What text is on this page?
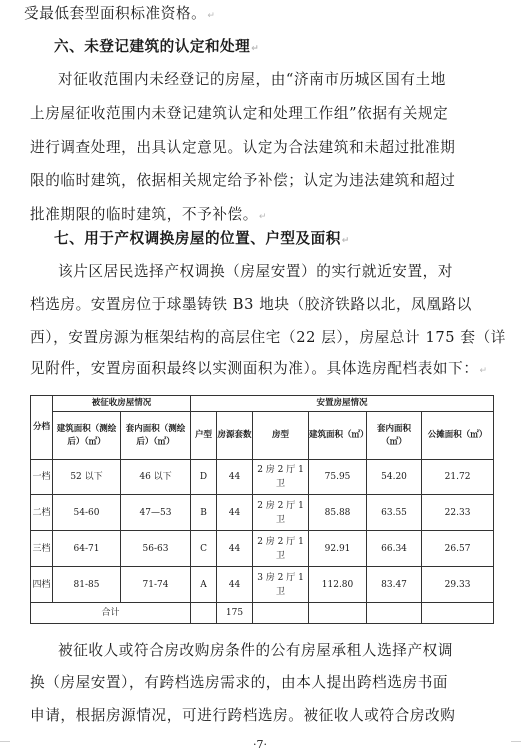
受最低套型面积标准资格。↵
六、未登记建筑的认定和处理↵
对征收范围内未经登记的房屋，由“济南市历城区国有土地
上房屋征收范围内未登记建筑认定和处理工作组”依据有关规定
进行调查处理，出具认定意见。认定为合法建筑和未超过批准期
限的临时建筑，依据相关规定给予补偿；认定为违法建筑和超过
批准期限的临时建筑，不予补偿。↵
七、用于产权调换房屋的位置、户型及面积↵
该片区居民选择产权调换（房屋安置）的实行就近安置，对
档选房。安置房位于球墨铸铁 B3 地块（胶济铁路以北，凤凰路以
西），安置房源为框架结构的高层住宅（22 层），房屋总计 175 套（详
见附件，安置房面积最终以实测面积为准）。具体选房配档表如下：↵
分档	被征收房屋情况		安置房屋情况					
	建筑面积（测绘后）（㎡）	套内面积（测绘后）（㎡）	户型	房源套数	房型	建筑面积（㎡）	套内面积（㎡）	公摊面积（㎡）
一档	52 以下	46 以下	D	44	2 房 2 厅 1 卫	75.95	54.20	21.72
二档	54-60	47—53	B	44	2 房 2 厅 1 卫	85.88	63.55	22.33
三档	64-71	56-63	C	44	2 房 2 厅 1 卫	92.91	66.34	26.57
四档	81-85	71-74	A	44	3 房 2 厅 1 卫	112.80	83.47	29.33
合计				175				
被征收人或符合房改购房条件的公有房屋承租人选择产权调
换（房屋安置），有跨档选房需求的，由本人提出跨档选房书面
申请，根据房源情况，可进行跨档选房。被征收人或符合房改购
·7·
